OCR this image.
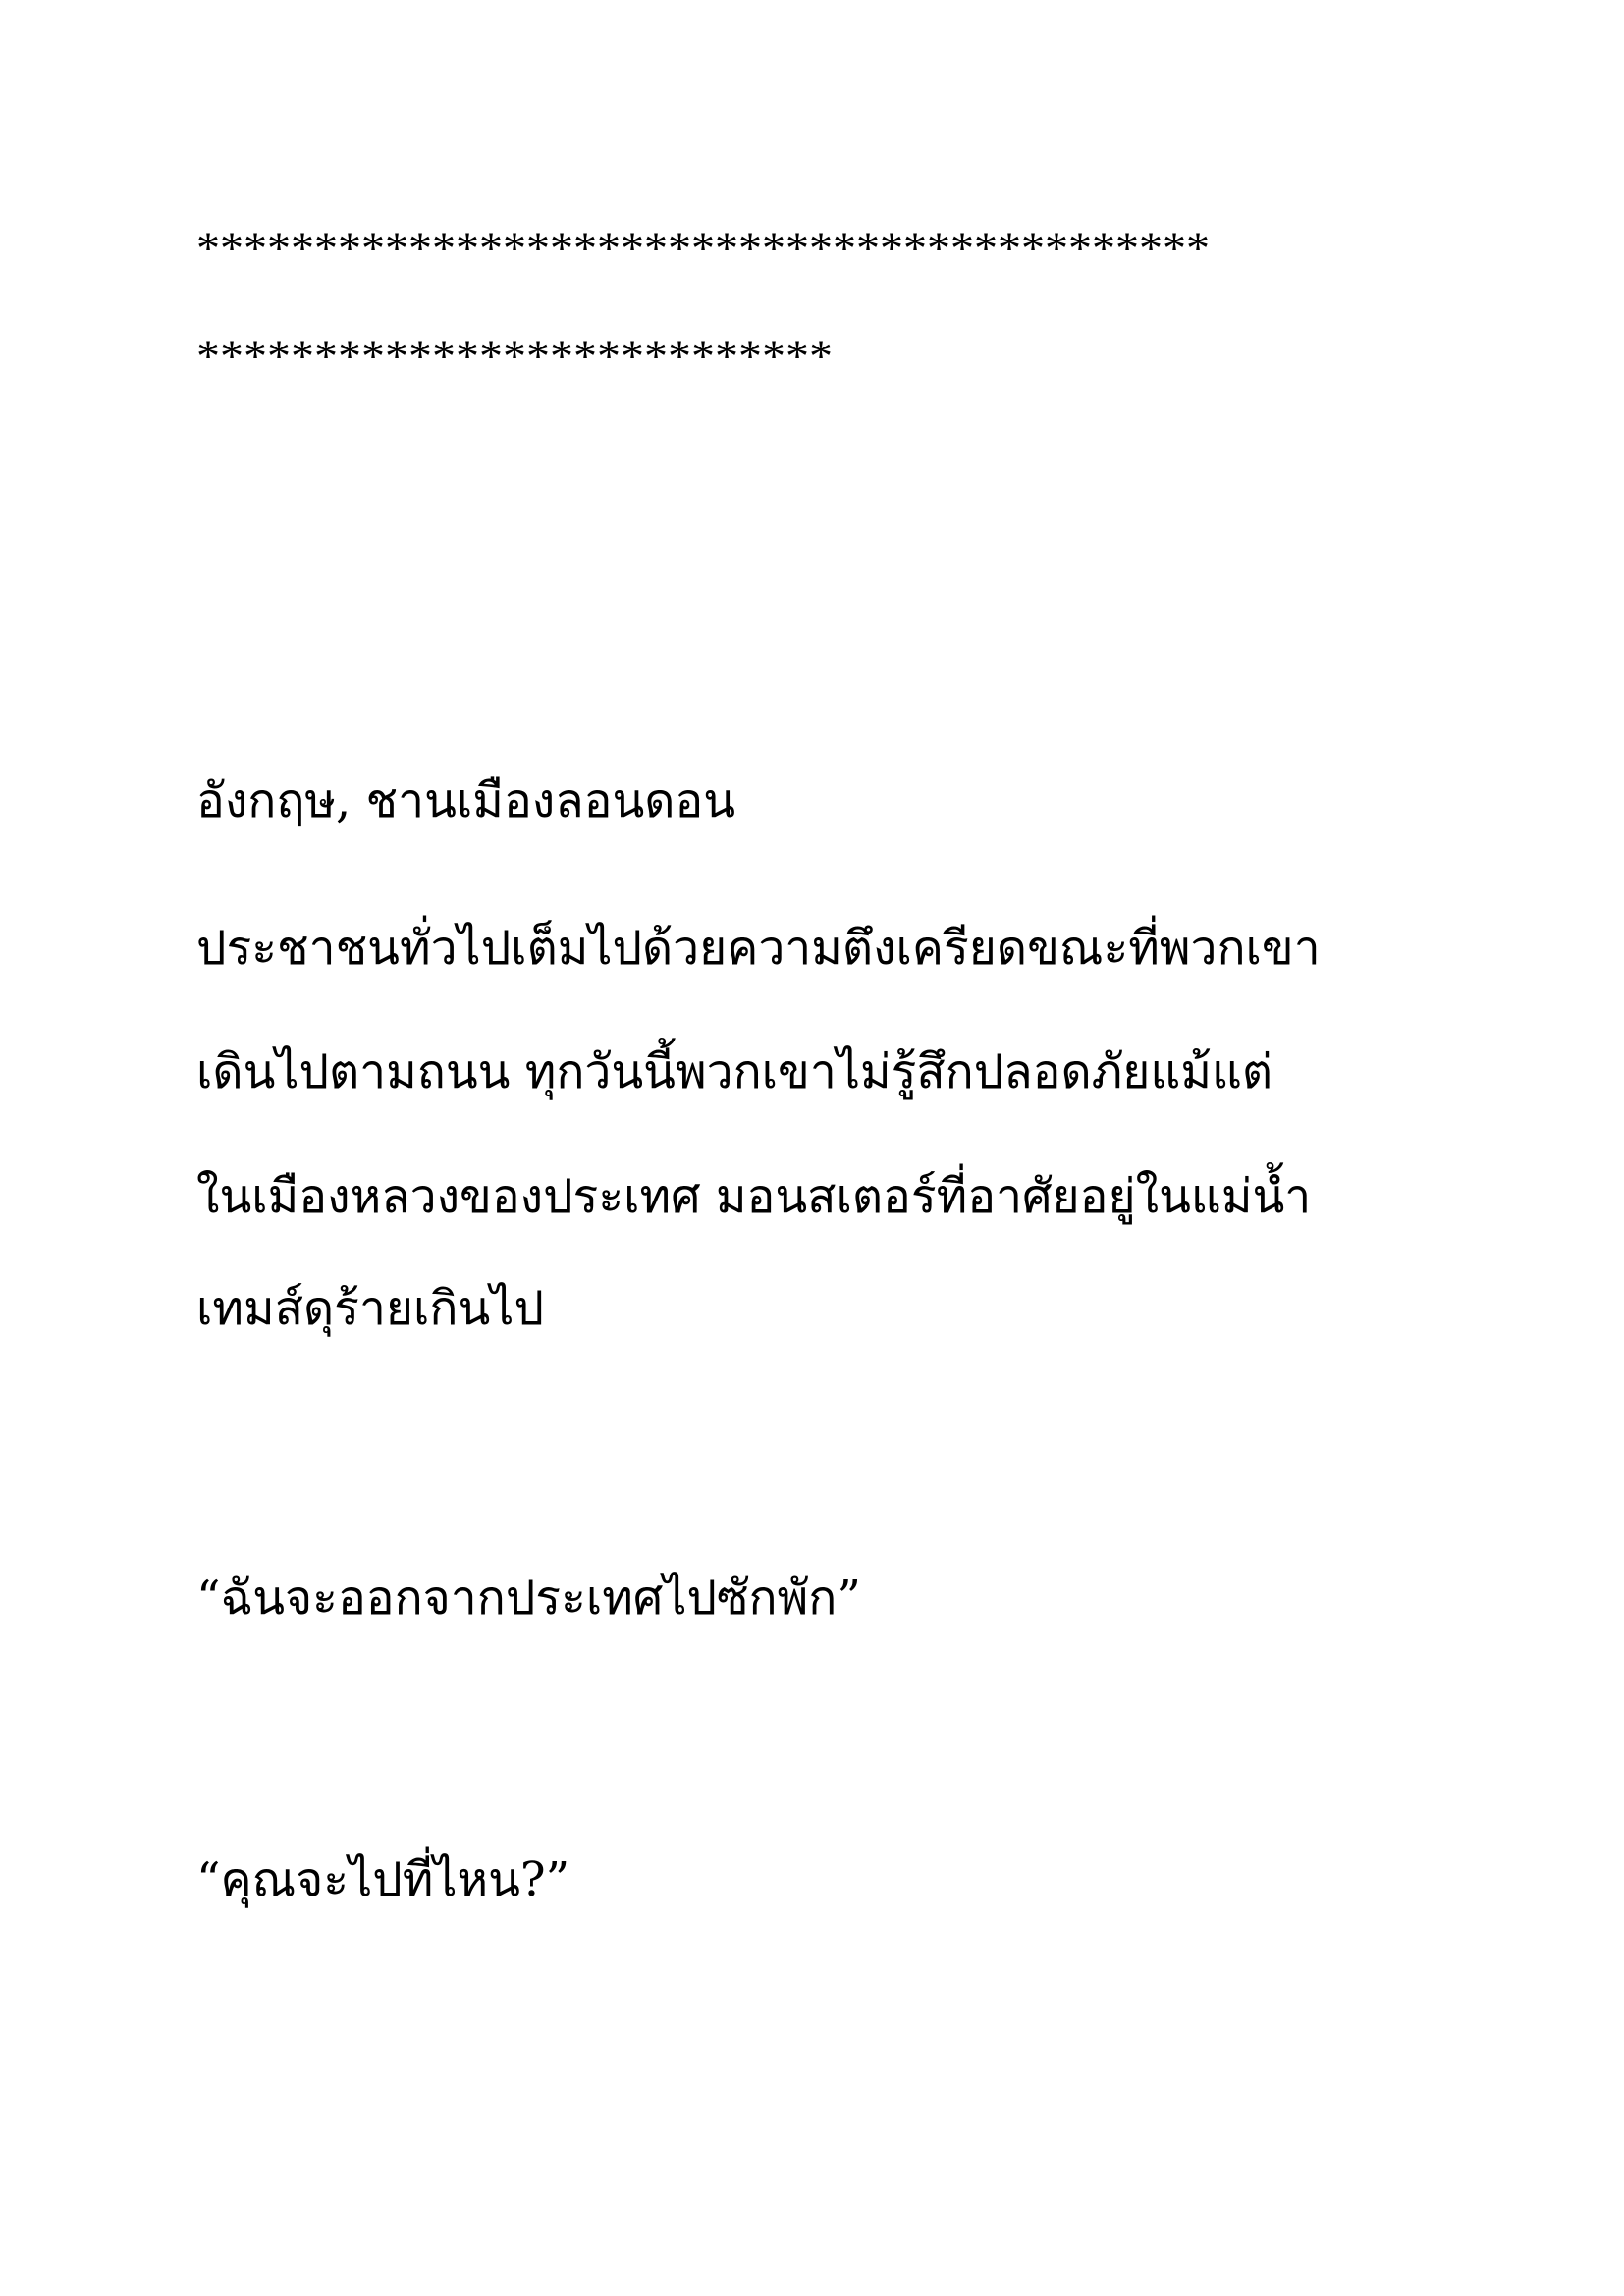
*******************************************
***************************
อังกฤษ, ชานเมืองลอนดอน
ประชาชนทั่วไปเต็มไปด้วยความตึงเครียดขณะที่พวกเขา
เดินไปตามถนน ทุกวันนี้พวกเขาไม่รู้สึกปลอดภัยแม้แต่
ในเมืองหลวงของประเทศ มอนสเตอร์ที่อาศัยอยู่ในแม่น้ำ
เทมส์ดุร้ายเกินไป
“ฉันจะออกจากประเทศไปซักพัก”
“คุณจะไปที่ไหน?”
